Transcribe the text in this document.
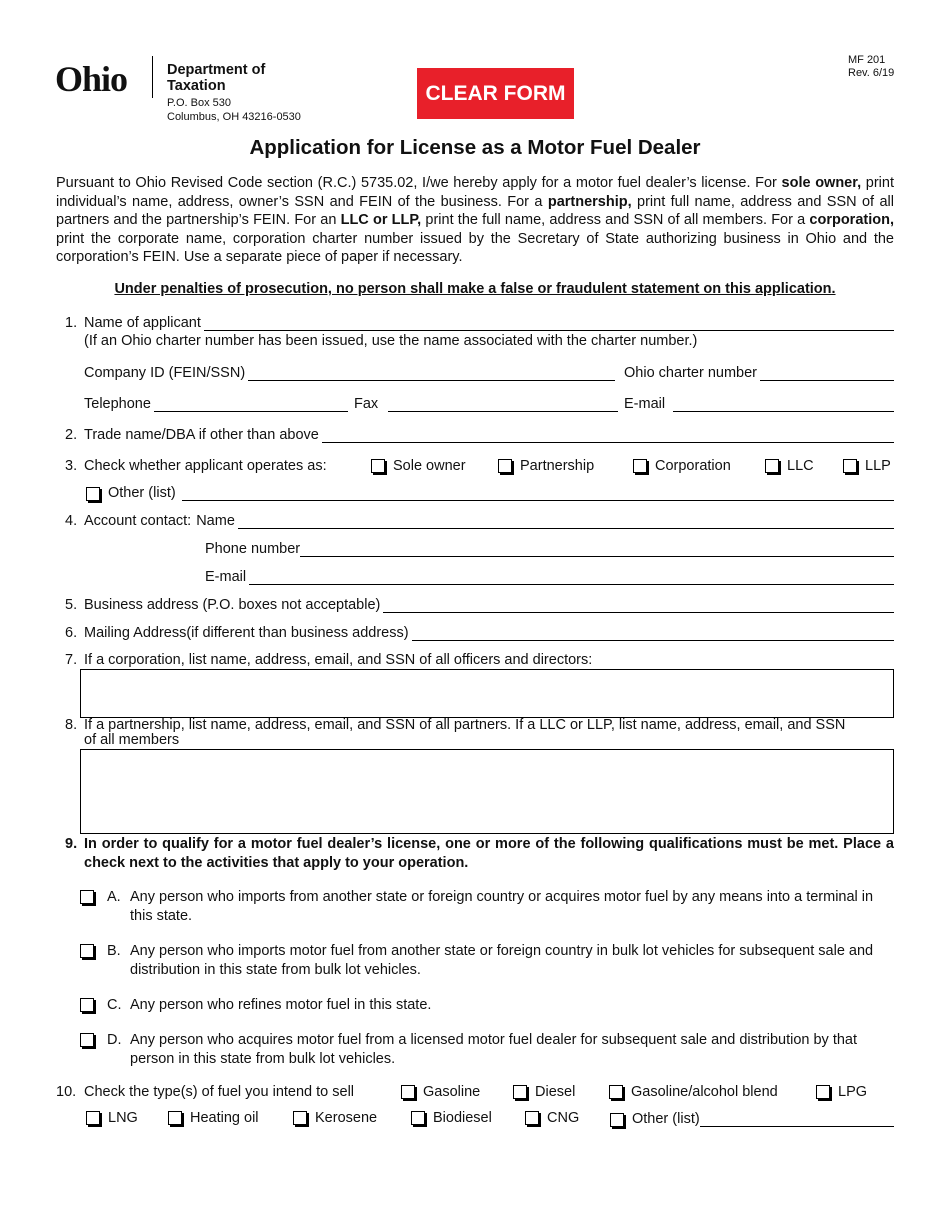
Ohio	Department of
Taxation
P.O. Box 530
Columbus, OH 43216-0530
CLEAR FORM
MF 201
Rev. 6/19
Application for License as a Motor Fuel Dealer
Pursuant to Ohio Revised Code section (R.C.) 5735.02, I/we hereby apply for a motor fuel dealer’s license. For sole owner, print individual’s name, address, owner’s SSN and FEIN of the business. For a partnership, print full name, address and SSN of all partners and the partnership’s FEIN. For an LLC or LLP, print the full name, address and SSN of all members. For a corporation, print the corporate name, corporation charter number issued by the Secretary of State authorizing business in Ohio and the corporation’s FEIN. Use a separate piece of paper if necessary.
Under penalties of prosecution, no person shall make a false or fraudulent statement on this application.
1. Name of applicant
(If an Ohio charter number has been issued, use the name associated with the charter number.)
Company ID (FEIN/SSN)	Ohio charter number
Telephone	Fax	E-mail
2. Trade name/DBA if other than above
3. Check whether applicant operates as:	Sole owner	Partnership	Corporation	LLC	LLP
Other (list)
4. Account contact: Name
Phone number
E-mail
5. Business address (P.O. boxes not acceptable)
6. Mailing Address(if different than business address)
7. If a corporation, list name, address, email, and SSN of all officers and directors:
8. If a partnership, list name, address, email, and SSN of all partners. If a LLC or LLP, list name, address, email, and SSN
of all members
9. In order to qualify for a motor fuel dealer’s license, one or more of the following qualifications must be met. Place a check next to the activities that apply to your operation.
A. Any person who imports from another state or foreign country or acquires motor fuel by any means into a terminal in this state.
B. Any person who imports motor fuel from another state or foreign country in bulk lot vehicles for subsequent sale and distribution in this state from bulk lot vehicles.
C. Any person who refines motor fuel in this state.
D. Any person who acquires motor fuel from a licensed motor fuel dealer for subsequent sale and distribution by that person in this state from bulk lot vehicles.
10. Check the type(s) of fuel you intend to sell	Gasoline	Diesel	Gasoline/alcohol blend	LPG
LNG	Heating oil	Kerosene	Biodiesel	CNG	Other (list)
